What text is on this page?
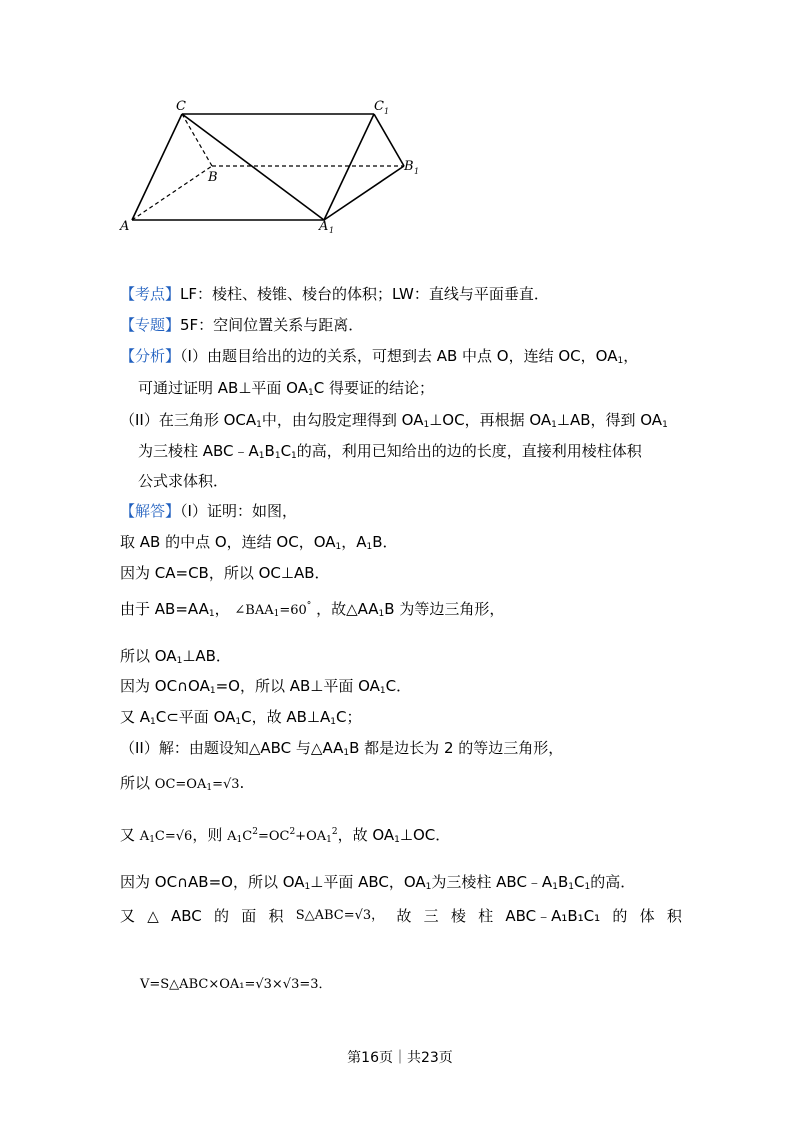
C	C 1
A
B
B 1
A 1
【考点】LF：棱柱、棱锥、棱台的体积；LW：直线与平面垂直．
【专题】5F：空间位置关系与距离．
【分析】（I）由题目给出的边的关系，可想到去 AB 中点 O，连结 OC，$OA_1$，
可通过证明 AB⊥平面 $OA_1C$ 得要证的结论；
（II）在三角形 $OCA_1$中，由勾股定理得到 $OA_1\perp OC$，再根据 $OA_1\perp AB$，得到 $OA_1$
为三棱柱 $ABC﹣A_1B_1C_1$的高，利用已知给出的边的长度，直接利用棱柱体积
公式求体积．
【解答】（I）证明：如图，
取 AB 的中点 O，连结 OC，$OA_1$，$A_1B$．
因为 CA=CB，所以 OC⊥AB．
由于 $AB=AA_1$， $\angle BAA_1=60^\circ$ ，故$\triangle AA_1B$ 为等边三角形，
所以 $OA_1\perp AB$．
因为 $OC\cap OA_1=O$，所以 AB⊥平面 $OA_1C$．
又 $A_1C\subset$平面 $OA_1C$，故 $AB\perp A_1C$；
（II）解：由题设知△ABC 与$\triangle AA_1B$ 都是边长为 2 的等边三角形，
所以 $OC=OA_1=√3$.
又 $A_1C=√6$，则 $A_1C^2=OC^2+OA_1^2$，故 $OA_1\perp OC$．
因为 OC∩AB=O，所以 $OA_1\perp$平面 ABC，$OA_1$为三棱柱 $ABC﹣A_1B_1C_1$的高．
又 △ ABC 的 面 积 S△ABC=√3， 故 三 棱 柱 ABC﹣A₁B₁C₁ 的 体 积
V=S△ABC×OA₁=√3×√3=3．
第16页｜共23页
